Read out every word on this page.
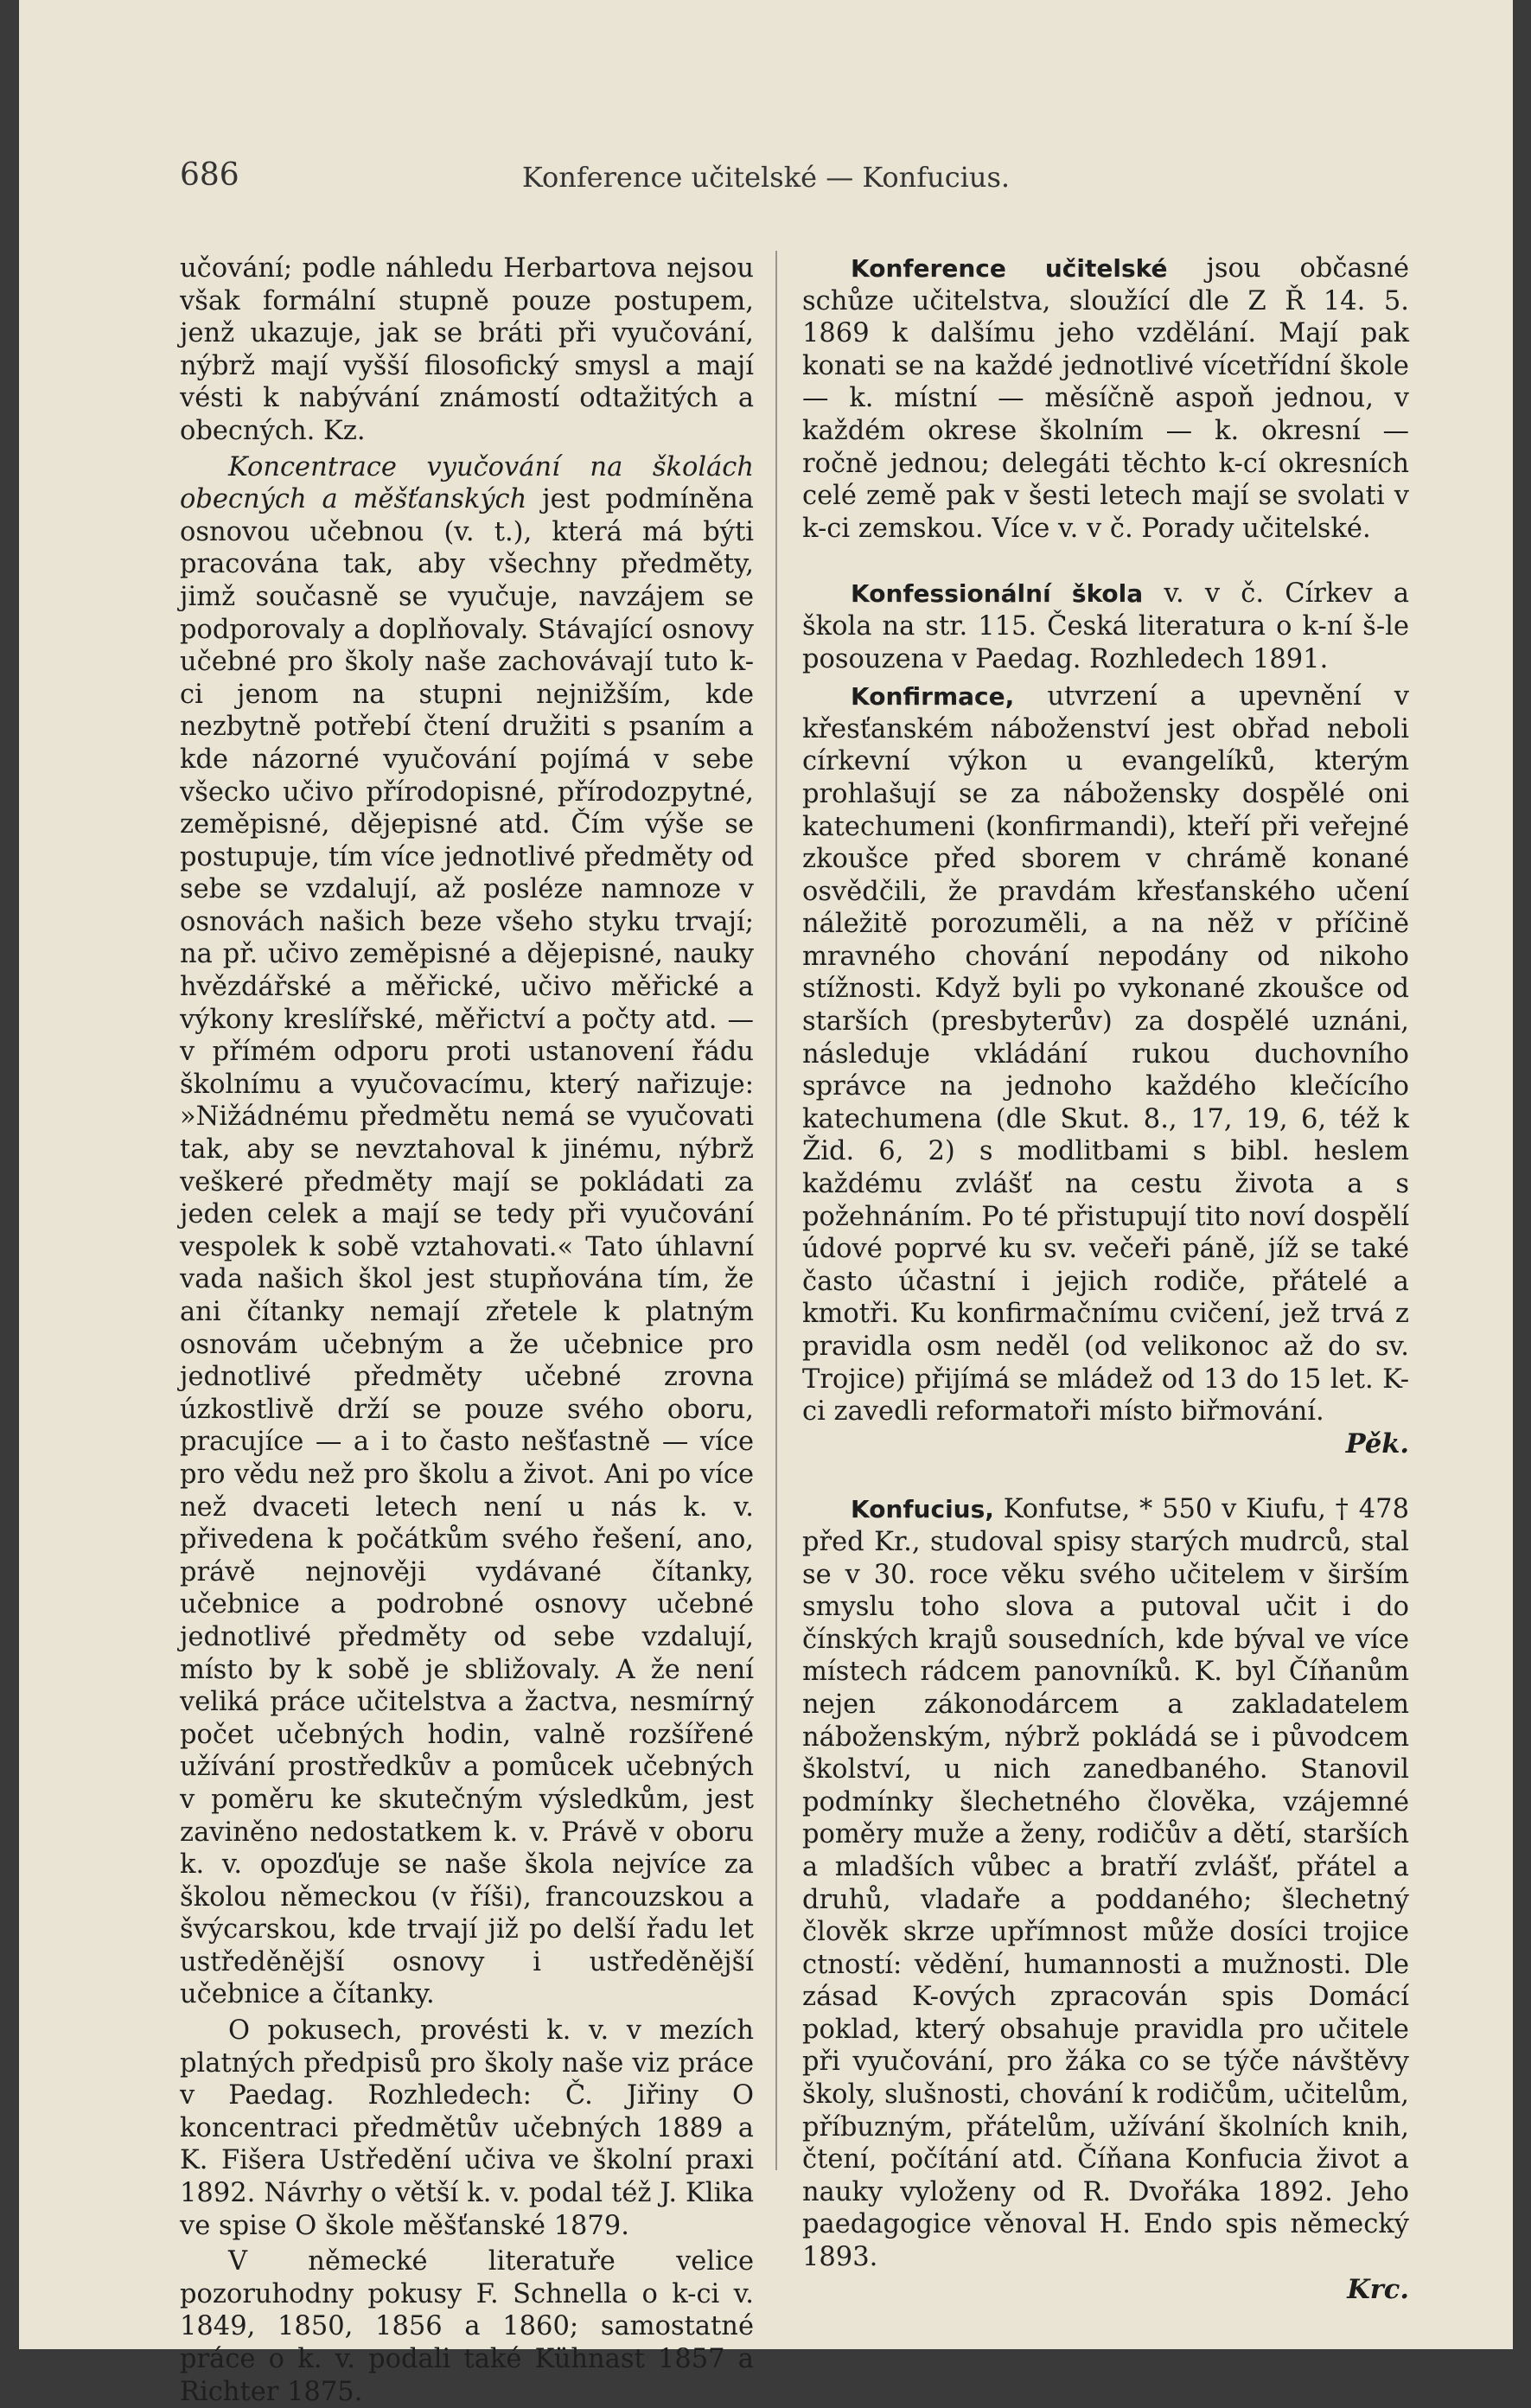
686	Konference učitelské — Konfucius.

učování; podle náhledu Herbartova nejsou však formální stupně pouze postupem, jenž ukazuje, jak se bráti při vyučování, nýbrž mají vyšší filosofický smysl a mají vésti k nabývání známostí odtažitých a obecných. Kz.

Koncentrace vyučování na školách obecných a měšťanských jest podmíněna osnovou učebnou (v. t.), která má býti pracována tak, aby všechny předměty, jimž současně se vyučuje, navzájem se podporovaly a doplňovaly. Stávající osnovy učebné pro školy naše zachovávají tuto k-ci jenom na stupni nejnižším, kde nezbytně potřebí čtení družiti s psaním a kde názorné vyučování pojímá v sebe všecko učivo přírodopisné, přírodozpytné, zeměpisné, dějepisné atd. Čím výše se postupuje, tím více jednotlivé předměty od sebe se vzdalují, až posléze namnoze v osnovách našich beze všeho styku trvají; na př. učivo zeměpisné a dějepisné, nauky hvězdářské a měřické, učivo měřické a výkony kreslířské, měřictví a počty atd. — v přímém odporu proti ustanovení řádu školnímu a vyučovacímu, který nařizuje: »Nižádnému předmětu nemá se vyučovati tak, aby se nevztahoval k jinému, nýbrž veškeré předměty mají se pokládati za jeden celek a mají se tedy při vyučování vespolek k sobě vztahovati.« Tato úhlavní vada našich škol jest stupňována tím, že ani čítanky nemají zřetele k platným osnovám učebným a že učebnice pro jednotlivé předměty učebné zrovna úzkostlivě drží se pouze svého oboru, pracujíce — a i to často nešťastně — více pro vědu než pro školu a život. Ani po více než dvaceti letech není u nás k. v. přivedena k počátkům svého řešení, ano, právě nejnověji vydávané čítanky, učebnice a podrobné osnovy učebné jednotlivé předměty od sebe vzdalují, místo by k sobě je sbližovaly. A že není veliká práce učitelstva a žactva, nesmírný počet učebných hodin, valně rozšířené užívání prostředkův a pomůcek učebných v poměru ke skutečným výsledkům, jest zaviněno nedostatkem k. v. Právě v oboru k. v. opozďuje se naše škola nejvíce za školou německou (v říši), francouzskou a švýcarskou, kde trvají již po delší řadu let ustředěnější osnovy i ustředěnější učebnice a čítanky.

O pokusech, provésti k. v. v mezích platných předpisů pro školy naše viz práce v Paedag. Rozhledech: Č. Jiřiny O koncentraci předmětův učebných 1889 a K. Fišera Ustředění učiva ve školní praxi 1892. Návrhy o větší k. v. podal též J. Klika ve spise O škole měšťanské 1879.

V německé literatuře velice pozoruhodny pokusy F. Schnella o k-ci v. 1849, 1850, 1856 a 1860; samostatné práce o k. v. podali také Kühnast 1857 a Richter 1875.

Konference učitelské jsou občasné schůze učitelstva, sloužící dle Z Ř 14. 5. 1869 k dalšímu jeho vzdělání. Mají pak konati se na každé jednotlivé vícetřídní škole — k. místní — měsíčně aspoň jednou, v každém okrese školním — k. okresní — ročně jednou; delegáti těchto k-cí okresních celé země pak v šesti letech mají se svolati v k-ci zemskou. Více v. v č. Porady učitelské.

Konfessionální škola v. v č. Církev a škola na str. 115. Česká literatura o k-ní š-le posouzena v Paedag. Rozhledech 1891.

Konfirmace, utvrzení a upevnění v křesťanském náboženství jest obřad neboli církevní výkon u evangelíků, kterým prohlašují se za nábožensky dospělé oni katechumeni (konfirmandi), kteří při veřejné zkoušce před sborem v chrámě konané osvědčili, že pravdám křesťanského učení náležitě porozuměli, a na něž v příčině mravného chování nepodány od nikoho stížnosti. Když byli po vykonané zkoušce od starších (presbyterův) za dospělé uznáni, následuje vkládání rukou duchovního správce na jednoho každého klečícího katechumena (dle Skut. 8., 17, 19, 6, též k Žid. 6, 2) s modlitbami s bibl. heslem každému zvlášť na cestu života a s požehnáním. Po té přistupují tito noví dospělí údové poprvé ku sv. večeři páně, jíž se také často účastní i jejich rodiče, přátelé a kmotři. Ku konfirmačnímu cvičení, jež trvá z pravidla osm neděl (od velikonoc až do sv. Trojice) přijímá se mládež od 13 do 15 let. K-ci zavedli reformatoři místo biřmování.
Pěk.

Konfucius, Konfutse, * 550 v Kiufu, † 478 před Kr., studoval spisy starých mudrců, stal se v 30. roce věku svého učitelem v širším smyslu toho slova a putoval učit i do čínských krajů sousedních, kde býval ve více místech rádcem panovníků. K. byl Číňanům nejen zákonodárcem a zakladatelem náboženským, nýbrž pokládá se i původcem školství, u nich zanedbaného. Stanovil podmínky šlechetného člověka, vzájemné poměry muže a ženy, rodičův a dětí, starších a mladších vůbec a bratří zvlášť, přátel a druhů, vladaře a poddaného; šlechetný člověk skrze upřímnost může dosíci trojice ctností: vědění, humannosti a mužnosti. Dle zásad K-ových zpracován spis Domácí poklad, který obsahuje pravidla pro učitele při vyučování, pro žáka co se týče návštěvy školy, slušnosti, chování k rodičům, učitelům, příbuzným, přátelům, užívání školních knih, čtení, počítání atd. Číňana Konfucia život a nauky vyloženy od R. Dvořáka 1892. Jeho paedagogice věnoval H. Endo spis německý 1893.
Krc.
